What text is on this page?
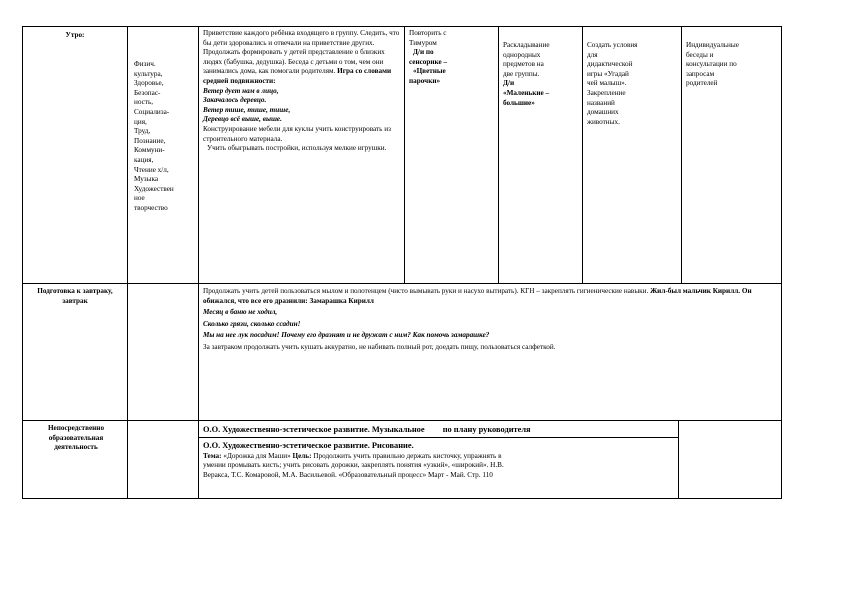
Утро:
Подготовка к завтраку, завтрак
Непосредственно образовательная деятельность
Физич.
культура,
Здоровье,
Безопас-
ность,
Социализа-
ция,
Труд,
Познание,
Коммуни-
кация,
Чтение х/л,
Музыка
Художествен
ное
творчество
Приветствие каждого ребёнка входящего в группу. Следить, что бы дети здоровались и отвечали на приветствие других.
Продолжать формировать у детей представление о близких людях (бабушка, дедушка). Беседа с детьми о том, чем они занимались дома, как помогали родителям. Игра со словами средней подвижности:
Ветер дует нам в лицо,
Закачалось деревцо.
Ветер тише, тише, тише,
Деревцо всё выше, выше.
Конструирование мебели для куклы учить конструировать из строительного материала.
Учить обыгрывать постройки, используя мелкие игрушки.
Повторить с
Тимуром
Д/и по
сенсорике –
«Цветные
парочки»
Раскладывание
однородных
предметов на
две группы.
Д/и
«Маленькие –
большие»
Создать условия
для
дидактической
игры «Угадай
чей малыш».
Закрепление
названий
домашних
животных.
Индивидуальные
беседы и
консультации по
запросам
родителей
Продолжать учить детей пользоваться мылом и полотенцем (чисто вымывать руки и насухо вытирать). КГН – закреплять гигиенические навыки. Жил-был мальчик Кирилл. Он обижался, что все его дразнили: Замарашка Кирилл
Месяц в баню не ходил,
Сколько грязи, сколько ссадин!
Мы на нее лук посадим! Почему его дразнят и не дружат с ним? Как помочь замарашке?
За завтраком продолжать учить кушать аккуратно, не набивать полный рот, доедать пищу, пользоваться салфеткой.
О.О. Художественно-эстетическое развитие. Музыкальное по плану руководителя
О.О. Художественно-эстетическое развитие. Рисование.
Тема: «Дорожка для Маши» Цель: Продолжить учить правильно держать кисточку, упражнять в
умении промывать кисть; учить рисовать дорожки, закреплять понятия «узкий», «широкий». Н.В.
Веракса, Т.С. Комаровой, М.А. Васильевой. «Образовательный процесс» Март - Май. Стр. 110
